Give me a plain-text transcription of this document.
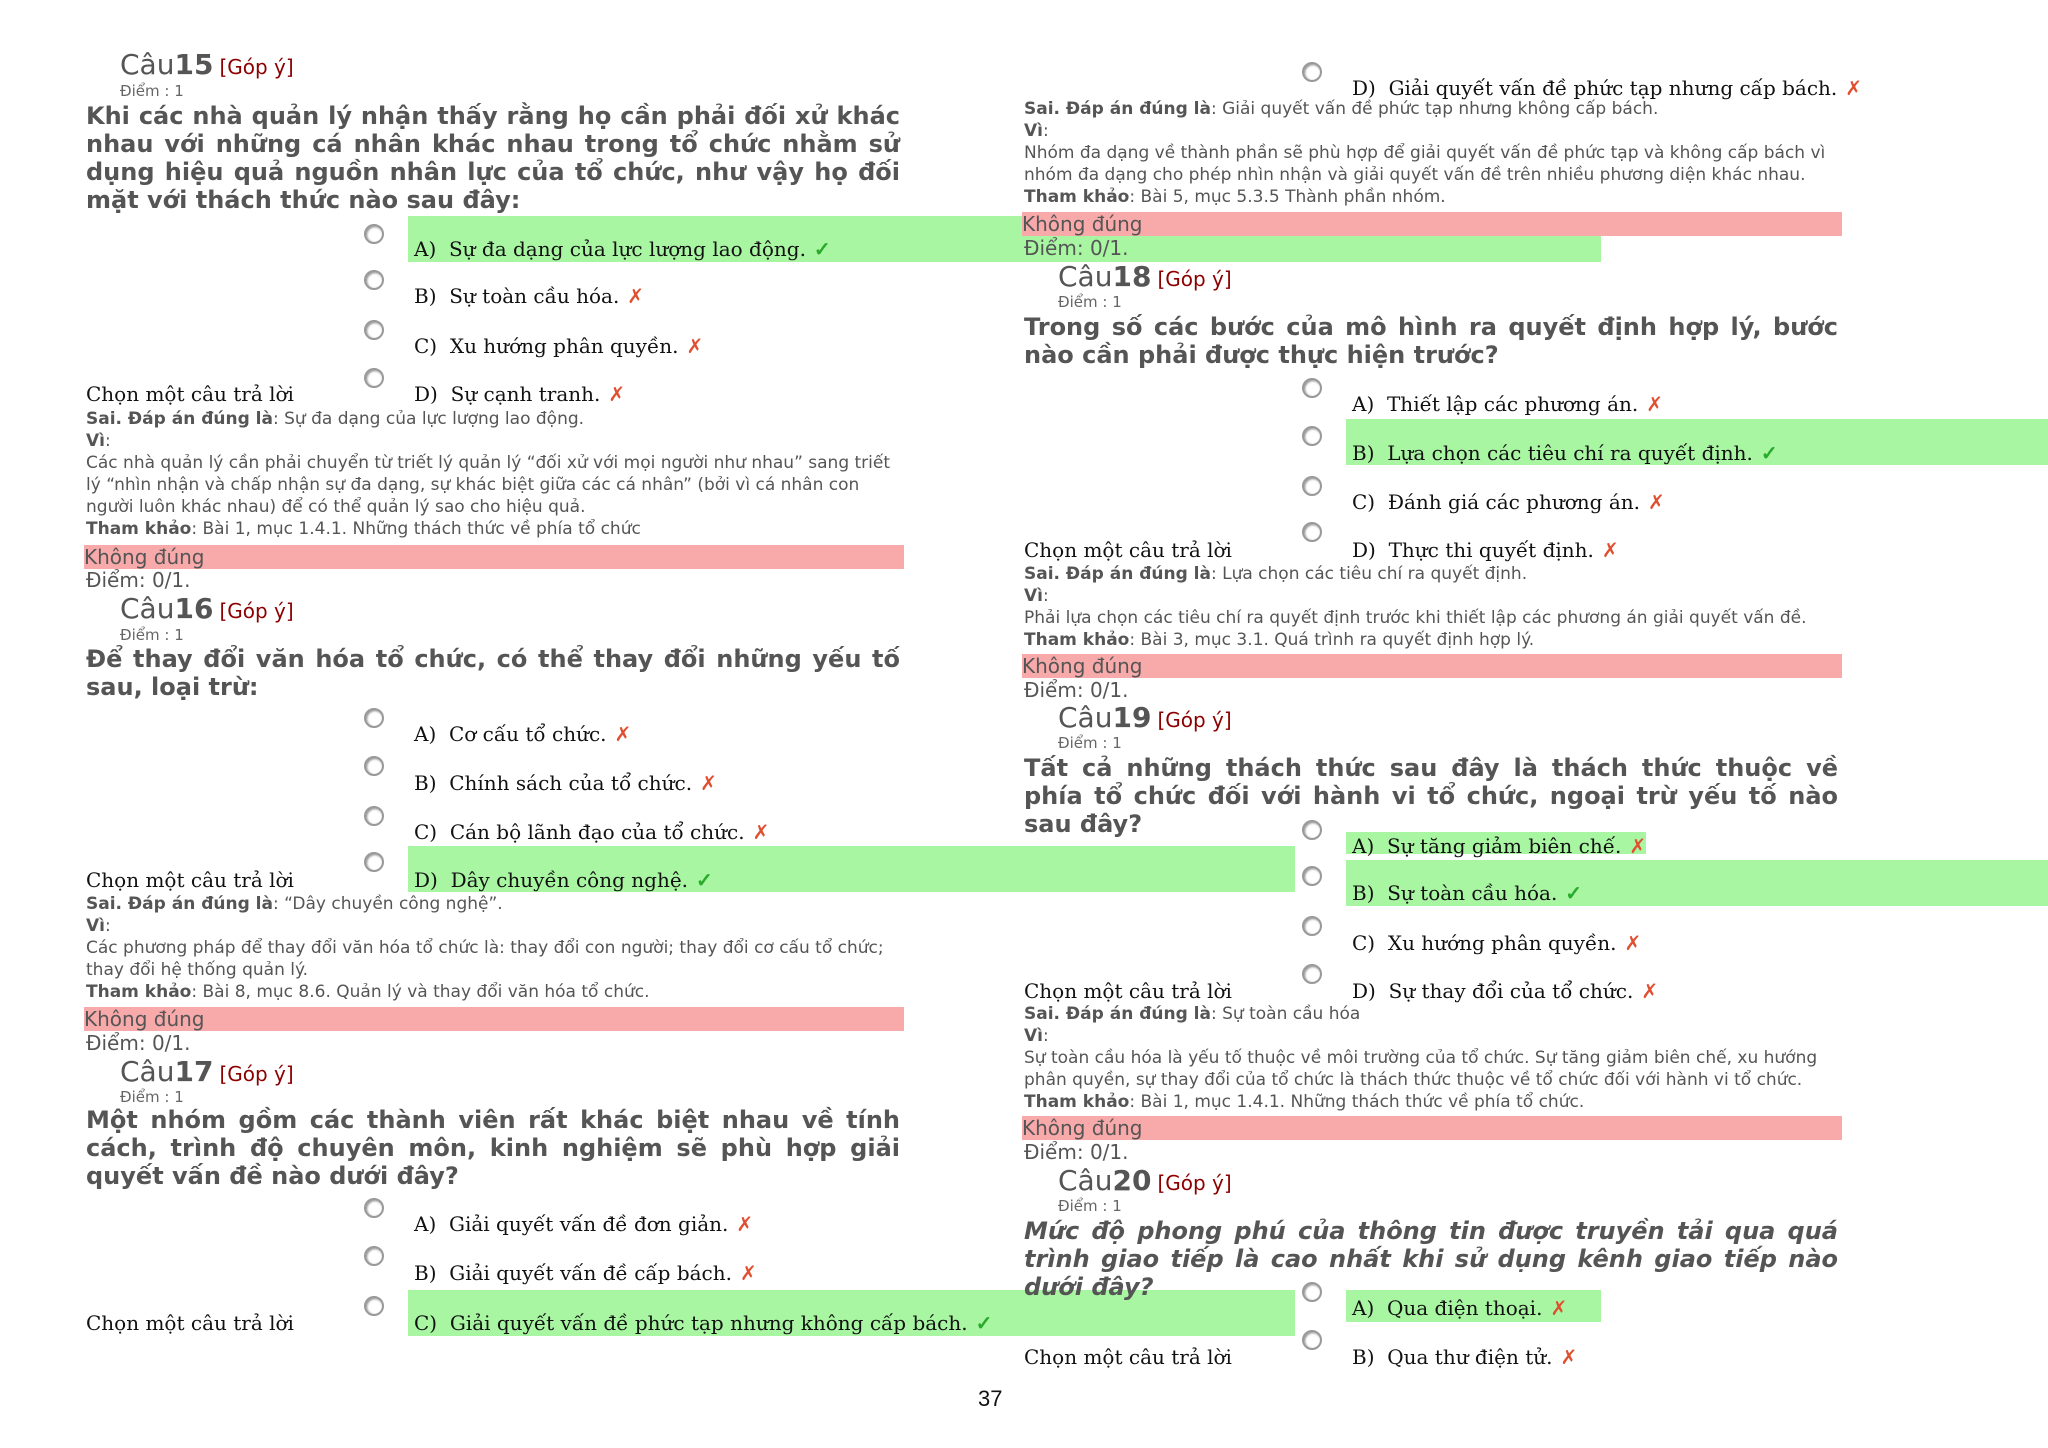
Câu15 [Góp ý]
Điểm : 1
Khi các nhà quản lý nhận thấy rằng họ cần phải đối xử khác nhau với những cá nhân khác nhau trong tổ chức nhằm sử dụng hiệu quả nguồn nhân lực của tổ chức, như vậy họ đối mặt với thách thức nào sau đây:
A) Sự đa dạng của lực lượng lao động. ✓
B) Sự toàn cầu hóa. ✗
C) Xu hướng phân quyền. ✗
Chọn một câu trả lời	D) Sự cạnh tranh. ✗
Sai. Đáp án đúng là: Sự đa dạng của lực lượng lao động.
Vì:
Các nhà quản lý cần phải chuyển từ triết lý quản lý “đối xử với mọi người như nhau” sang triết lý “nhìn nhận và chấp nhận sự đa dạng, sự khác biệt giữa các cá nhân” (bởi vì cá nhân con người luôn khác nhau) để có thể quản lý sao cho hiệu quả.
Tham khảo: Bài 1, mục 1.4.1. Những thách thức về phía tổ chức
Không đúng
Điểm: 0/1.
Câu16 [Góp ý]
Điểm : 1
Để thay đổi văn hóa tổ chức, có thể thay đổi những yếu tố sau, loại trừ:
A) Cơ cấu tổ chức. ✗
B) Chính sách của tổ chức. ✗
C) Cán bộ lãnh đạo của tổ chức. ✗
Chọn một câu trả lời	D) Dây chuyền công nghệ. ✓
Sai. Đáp án đúng là: “Dây chuyền công nghệ”.
Vì:
Các phương pháp để thay đổi văn hóa tổ chức là: thay đổi con người; thay đổi cơ cấu tổ chức; thay đổi hệ thống quản lý.
Tham khảo: Bài 8, mục 8.6. Quản lý và thay đổi văn hóa tổ chức.
Không đúng
Điểm: 0/1.
Câu17 [Góp ý]
Điểm : 1
Một nhóm gồm các thành viên rất khác biệt nhau về tính cách, trình độ chuyên môn, kinh nghiệm sẽ phù hợp giải quyết vấn đề nào dưới đây?
A) Giải quyết vấn đề đơn giản. ✗
B) Giải quyết vấn đề cấp bách. ✗
Chọn một câu trả lời	C) Giải quyết vấn đề phức tạp nhưng không cấp bách. ✓
D) Giải quyết vấn đề phức tạp nhưng cấp bách. ✗
Sai. Đáp án đúng là: Giải quyết vấn đề phức tạp nhưng không cấp bách.
Vì:
Nhóm đa dạng về thành phần sẽ phù hợp để giải quyết vấn đề phức tạp và không cấp bách vì nhóm đa dạng cho phép nhìn nhận và giải quyết vấn đề trên nhiều phương diện khác nhau.
Tham khảo: Bài 5, mục 5.3.5 Thành phần nhóm.
Không đúng
Điểm: 0/1.
Câu18 [Góp ý]
Điểm : 1
Trong số các bước của mô hình ra quyết định hợp lý, bước nào cần phải được thực hiện trước?
A) Thiết lập các phương án. ✗
B) Lựa chọn các tiêu chí ra quyết định. ✓
C) Đánh giá các phương án. ✗
Chọn một câu trả lời	D) Thực thi quyết định. ✗
Sai. Đáp án đúng là: Lựa chọn các tiêu chí ra quyết định.
Vì:
Phải lựa chọn các tiêu chí ra quyết định trước khi thiết lập các phương án giải quyết vấn đề.
Tham khảo: Bài 3, mục 3.1. Quá trình ra quyết định hợp lý.
Không đúng
Điểm: 0/1.
Câu19 [Góp ý]
Điểm : 1
Tất cả những thách thức sau đây là thách thức thuộc về phía tổ chức đối với hành vi tổ chức, ngoại trừ yếu tố nào sau đây?
A) Sự tăng giảm biên chế. ✗
B) Sự toàn cầu hóa. ✓
C) Xu hướng phân quyền. ✗
Chọn một câu trả lời	D) Sự thay đổi của tổ chức. ✗
Sai. Đáp án đúng là: Sự toàn cầu hóa
Vì:
Sự toàn cầu hóa là yếu tố thuộc về môi trường của tổ chức. Sự tăng giảm biên chế, xu hướng phân quyền, sự thay đổi của tổ chức là thách thức thuộc về tổ chức đối với hành vi tổ chức.
Tham khảo: Bài 1, mục 1.4.1. Những thách thức về phía tổ chức.
Không đúng
Điểm: 0/1.
Câu20 [Góp ý]
Điểm : 1
Mức độ phong phú của thông tin được truyền tải qua quá trình giao tiếp là cao nhất khi sử dụng kênh giao tiếp nào dưới đây?
A) Qua điện thoại. ✗
Chọn một câu trả lời	B) Qua thư điện tử. ✗
37
